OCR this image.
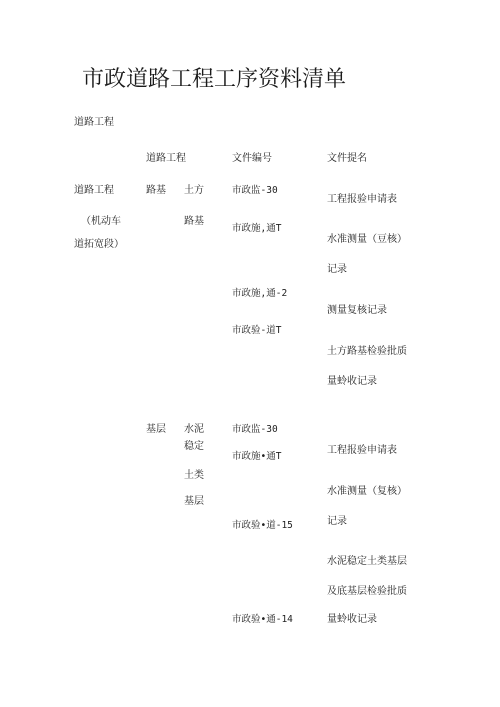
市政道路工程工序资料清单
道路工程
道路工程	文件编号	文件提名
道路工程
（机动车
道拓宽段）
路基 土方
路基
市政监-30
市政施,通T
市政施,通-2
市政验-道T
工程报验申请表
水准测量（豆核）
记录
测量复核记录
土方路基检验批质
量蛉收记录
基层 水泥
稳定
土类
基层
市政监-30
市政施•通T
市政验•道-15
市政验•通-14
工程报验申请表
水准测量（复核）
记录
水泥稳定土类基层
及底基层检验批质
量蛉收记录
